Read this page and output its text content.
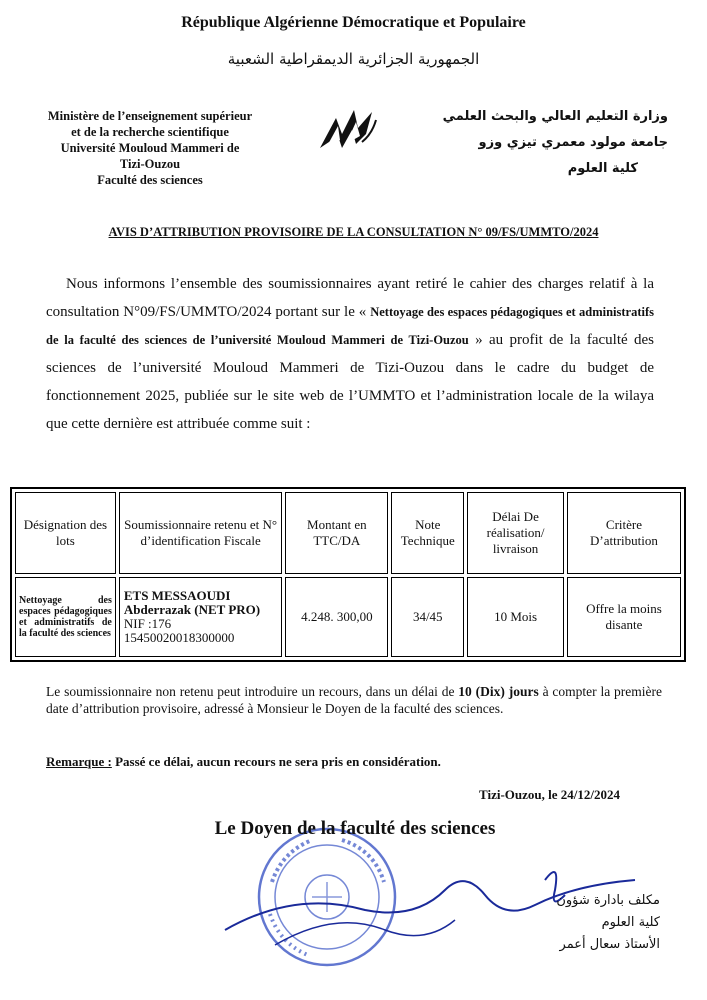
République Algérienne Démocratique et Populaire
الجمهورية الجزائرية الديمقراطية الشعبية
Ministère de l’enseignement supérieur
et de la recherche scientifique
Université Mouloud Mammeri de
Tizi-Ouzou
Faculté des sciences
وزارة التعليم العالي والبحث العلمي
جامعة مولود معمري تيزي وزو
كلية العلوم
AVIS D’ATTRIBUTION PROVISOIRE DE LA CONSULTATION N° 09/FS/UMMTO/2024
Nous informons l’ensemble des soumissionnaires ayant retiré le cahier des charges relatif à la consultation N°09/FS/UMMTO/2024 portant sur le « Nettoyage des espaces pédagogiques et administratifs de la faculté des sciences de l’université Mouloud Mammeri de Tizi-Ouzou » au profit de la faculté des sciences de l’université Mouloud Mammeri de Tizi-Ouzou dans le cadre du budget de fonctionnement 2025, publiée sur le site web de l’UMMTO et l’administration locale de la wilaya que cette dernière est attribuée comme suit :
Désignation des lots	Soumissionnaire retenu et N° d’identification Fiscale	Montant en TTC/DA	Note Technique	Délai De réalisation/ livraison	Critère D’attribution
Nettoyage des espaces pédagogiques et administratifs de la faculté des sciences	ETS MESSAOUDI Abderrazak (NET PRO)
NIF :176
15450020018300000	4.248. 300,00	34/45	10 Mois	Offre la moins disante
Le soumissionnaire non retenu peut introduire un recours, dans un délai de 10 (Dix) jours à compter la première date d’attribution provisoire, adressé à Monsieur le Doyen de la faculté des sciences.
Remarque : Passé ce délai, aucun recours ne sera pris en considération.
Tizi-Ouzou, le 24/12/2024
Le Doyen de la faculté des sciences
مكلف بادارة شؤون
كلية العلوم
الأستاذ سعال أعمر
